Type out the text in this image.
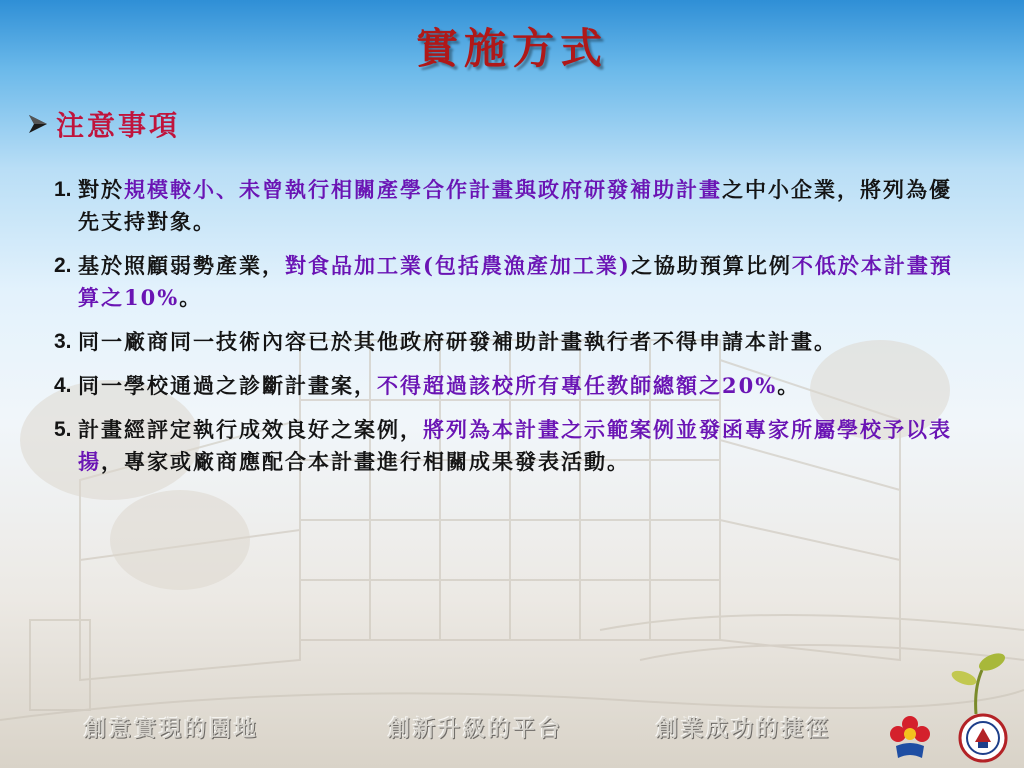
實施方式
注意事項
1. 對於規模較小、未曾執行相關產學合作計畫與政府研發補助計畫之中小企業，將列為優先支持對象。
2. 基於照顧弱勢產業，對食品加工業(包括農漁產加工業)之協助預算比例不低於本計畫預算之10%。
3. 同一廠商同一技術內容已於其他政府研發補助計畫執行者不得申請本計畫。
4. 同一學校通過之診斷計畫案，不得超過該校所有專任教師總額之20%。
5. 計畫經評定執行成效良好之案例，將列為本計畫之示範案例並發函專家所屬學校予以表揚，專家或廠商應配合本計畫進行相關成果發表活動。
創意實現的園地	創新升級的平台	創業成功的捷徑
